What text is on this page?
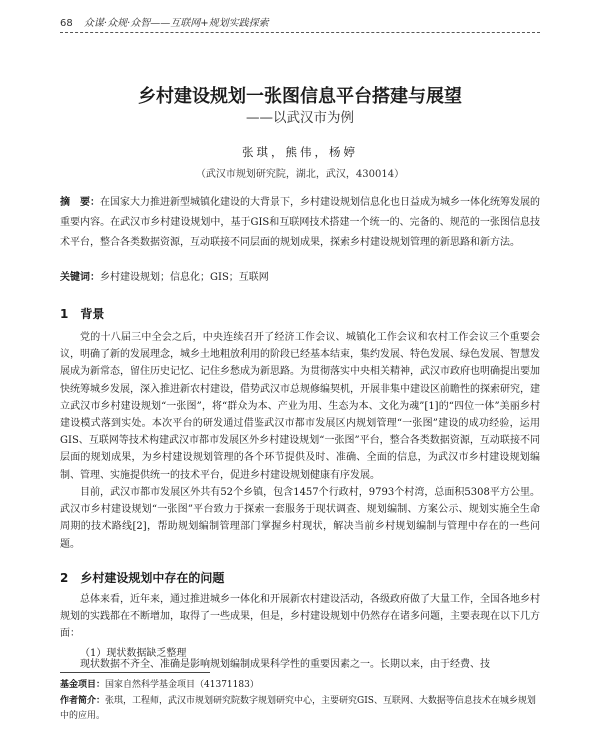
68 众谋·众规·众智——互联网+规划实践探索
乡村建设规划一张图信息平台搭建与展望
——以武汉市为例
张琪，熊伟，杨婷
（武汉市规划研究院，湖北，武汉，430014）

摘　要：在国家大力推进新型城镇化建设的大背景下，乡村建设规划信息化也日益成为城乡一体化统筹发展的重要内容。在武汉市乡村建设规划中，基于GIS和互联网技术搭建一个统一的、完备的、规范的一张图信息技术平台，整合各类数据资源，互动联接不同层面的规划成果，探索乡村建设规划管理的新思路和新方法。

关键词：乡村建设规划；信息化；GIS；互联网

1 背景

党的十八届三中全会之后，中央连续召开了经济工作会议、城镇化工作会议和农村工作会议三个重要会议，明确了新的发展理念，城乡土地粗放利用的阶段已经基本结束，集约发展、特色发展、绿色发展、智慧发展成为新常态，留住历史记忆、记住乡愁成为新思路。为贯彻落实中央相关精神，武汉市政府也明确提出要加快统筹城乡发展，深入推进新农村建设，借势武汉市总规修编契机，开展非集中建设区前瞻性的探索研究，建立武汉市乡村建设规划“一张图”，将“群众为本、产业为用、生态为本、文化为魂”[1]的“四位一体”美丽乡村建设模式落到实处。本次平台的研发通过借鉴武汉市都市发展区内规划管理“一张图”建设的成功经验，运用GIS、互联网等技术构建武汉市都市发展区外乡村建设规划“一张图”平台，整合各类数据资源，互动联接不同层面的规划成果，为乡村建设规划管理的各个环节提供及时、准确、全面的信息，为武汉市乡村建设规划编制、管理、实施提供统一的技术平台，促进乡村建设规划健康有序发展。

目前，武汉市都市发展区外共有52个乡镇，包含1457个行政村，9793个村湾，总面积5308平方公里。武汉市乡村建设规划“一张图”平台致力于探索一套服务于现状调查、规划编制、方案公示、规划实施全生命周期的技术路线[2]，帮助规划编制管理部门掌握乡村现状，解决当前乡村规划编制与管理中存在的一些问题。

2 乡村建设规划中存在的问题

总体来看，近年来，通过推进城乡一体化和开展新农村建设活动，各级政府做了大量工作，全国各地乡村规划的实践都在不断增加，取得了一些成果，但是，乡村建设规划中仍然存在诸多问题，主要表现在以下几方面：

（1）现状数据缺乏整理

现状数据不齐全、准确是影响规划编制成果科学性的重要因素之一。长期以来，由于经费、技

基金项目：国家自然科学基金项目（41371183）

作者简介：张琪，工程师，武汉市规划研究院数字规划研究中心，主要研究GIS、互联网、大数据等信息技术在城乡规划中的应用。
